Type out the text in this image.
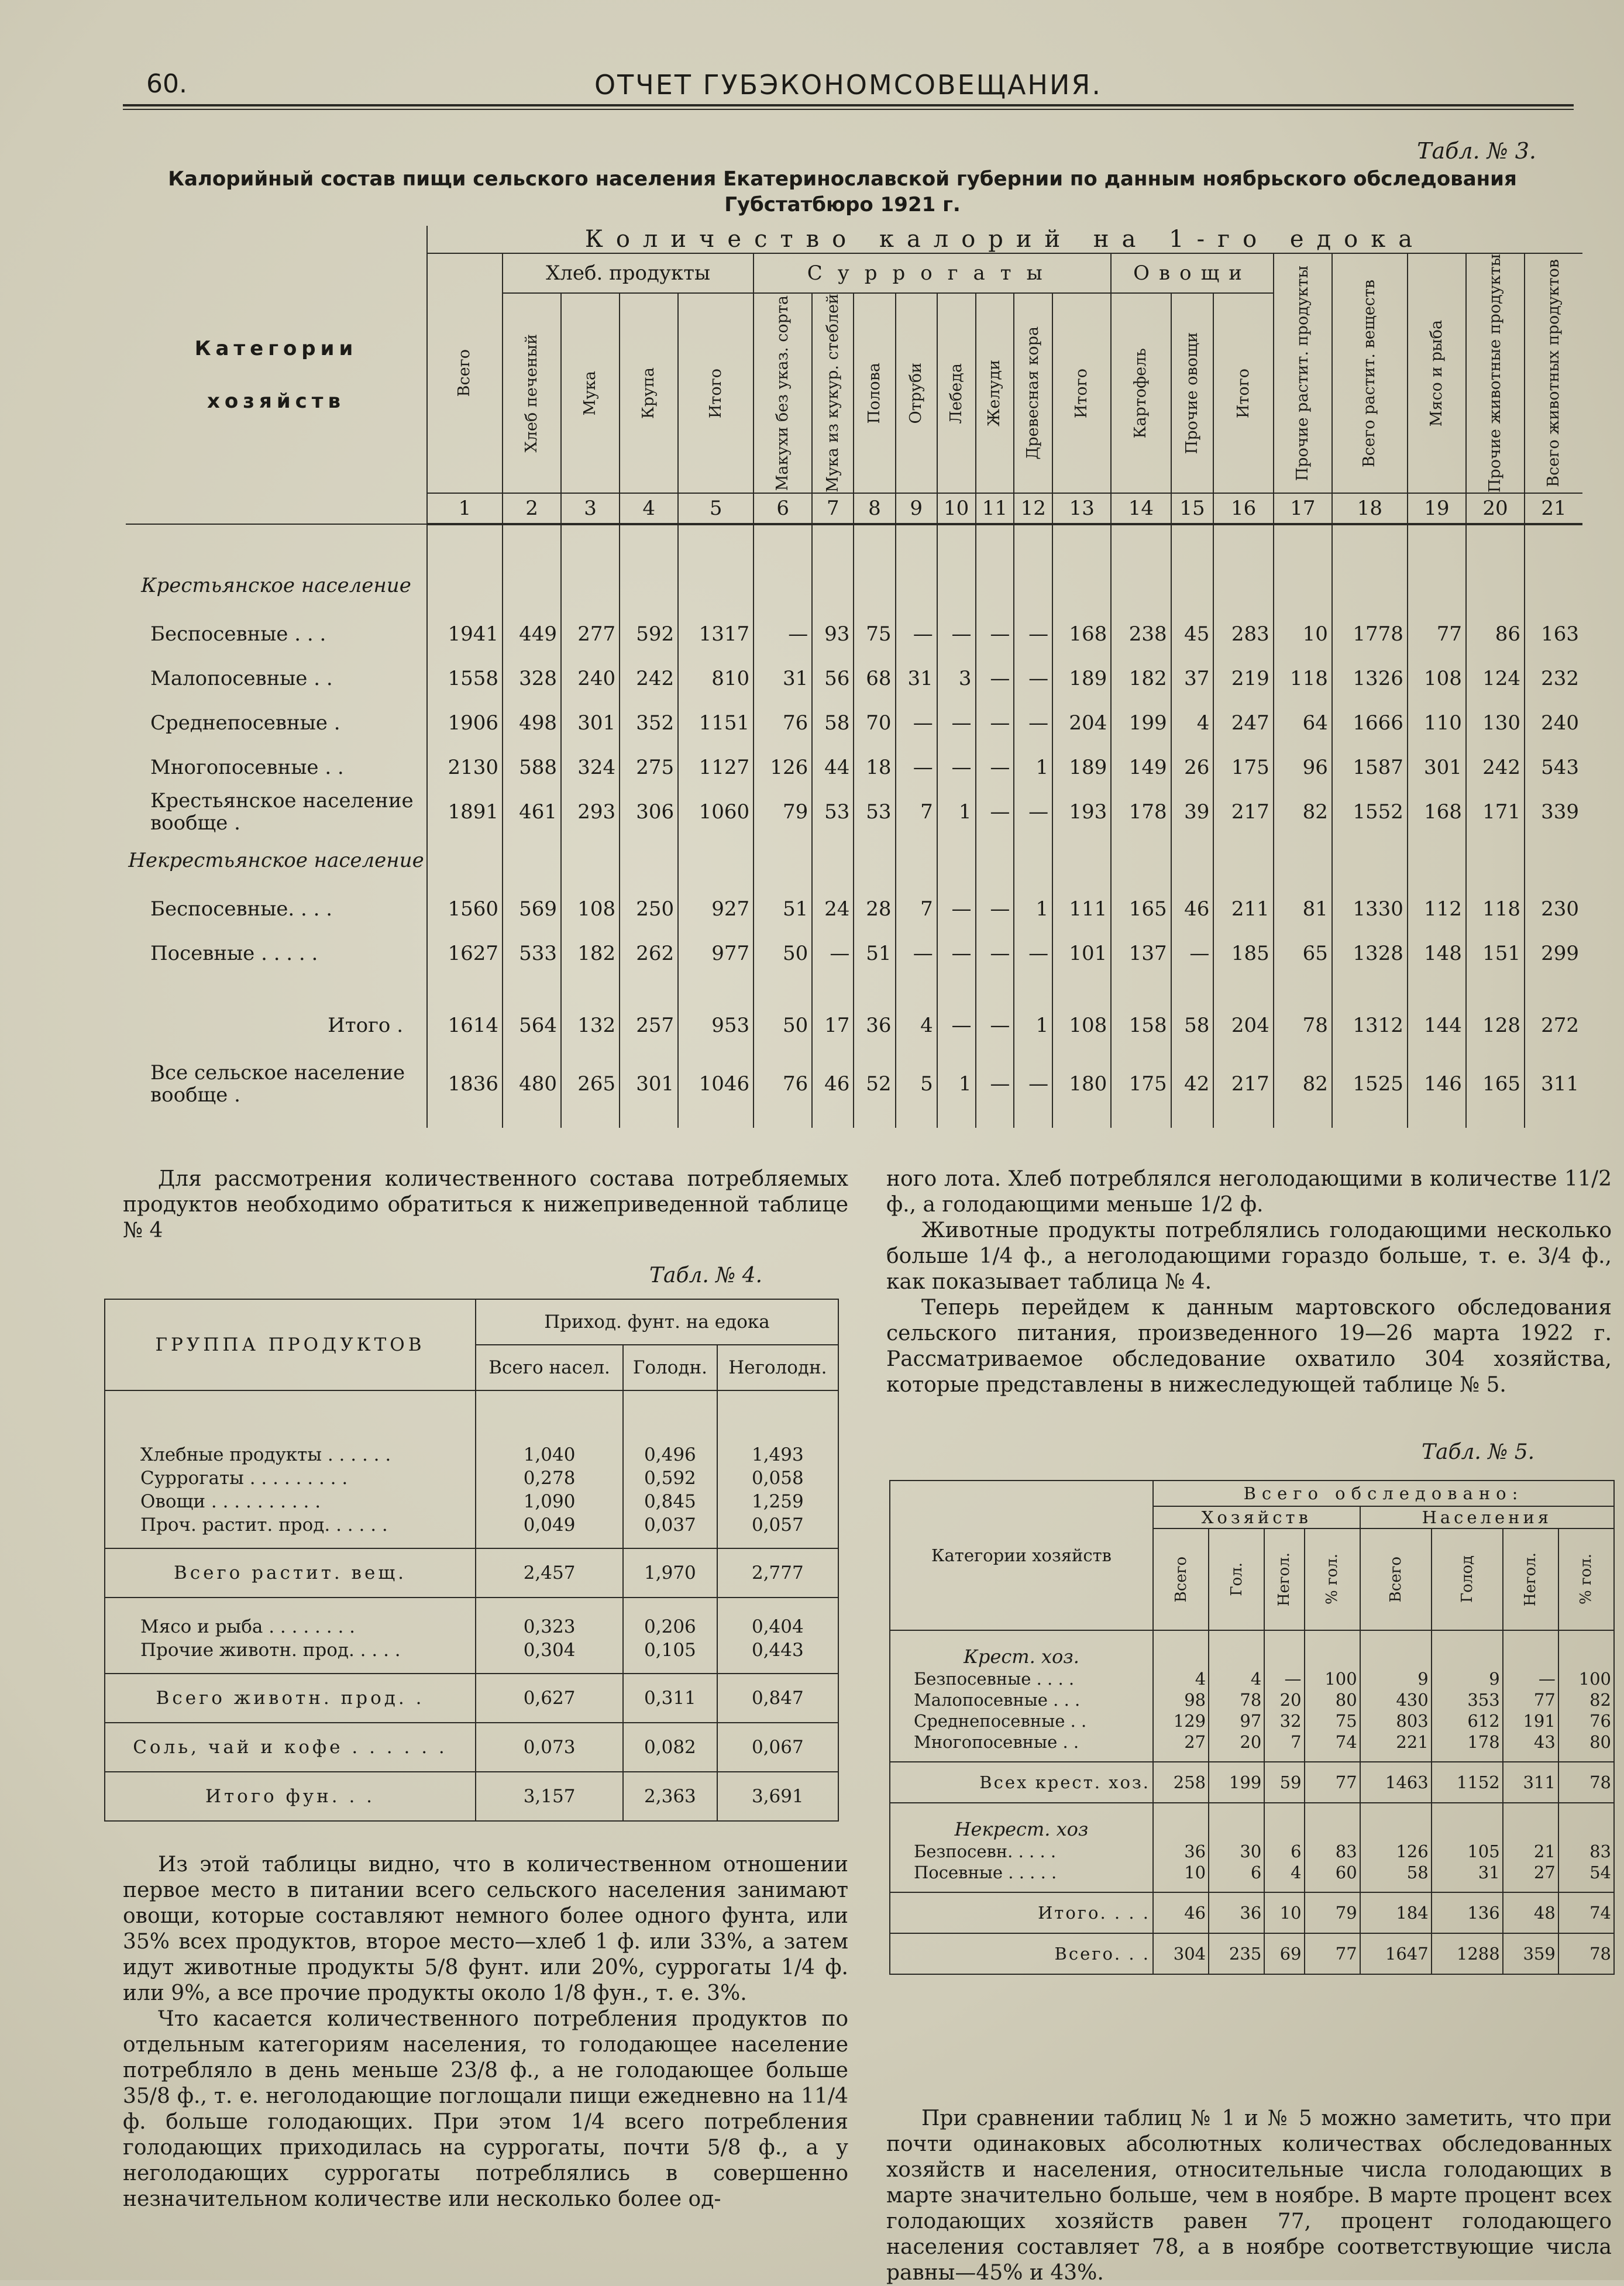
60.	ОТЧЕТ ГУБЭКОНОМСОВЕЩАНИЯ.
Табл. № 3.
Калорийный состав пищи сельского населения Екатеринославской губернии по данным ноябрьского обследования Губстатбюро 1921 г.
Категории хозяйств	Количество калорий на 1-го едока																				

	Всего	Хлеб. продукты				Суррогаты								Овощи			Прочие растит. продукты	Всего растит. веществ	Мясо и рыба	Прочие животные продукты	Всего животных продуктов

		Хлеб печеный	Мука	Крупа	Итого	Макухи без указ. сорта	Мука из кукур. стеблей	Полова	Отруби	Лебеда	Желуди	Древесная кора	Итого	Картофель	Прочие овощи	Итого					

	1	2	3	4	5	6	7	8	9	10	11	12	13	14	15	16	17	18	19	20	21

Крестьянское население																					
Беспосевные . . .	1941	449	277	592	1317	—	93	75	—	—	—	—	168	238	45	283	10	1778	77	86	163
Малопосевные . .	1558	328	240	242	810	31	56	68	31	3	—	—	189	182	37	219	118	1326	108	124	232
Среднепосевные .	1906	498	301	352	1151	76	58	70	—	—	—	—	204	199	4	247	64	1666	110	130	240
Многопосевные . .	2130	588	324	275	1127	126	44	18	—	—	—	1	189	149	26	175	96	1587	301	242	543
Крестьянское население вообще .	1891	461	293	306	1060	79	53	53	7	1	—	—	193	178	39	217	82	1552	168	171	339
Некрестьянское население																					
Беспосевные. . . .	1560	569	108	250	927	51	24	28	7	—	—	1	111	165	46	211	81	1330	112	118	230
Посевные . . . . .	1627	533	182	262	977	50	—	51	—	—	—	—	101	137	—	185	65	1328	148	151	299

Итого .	1614	564	132	257	953	50	17	36	4	—	—	1	108	158	58	204	78	1312	144	128	272
Все сельское население вообще .	1836	480	265	301	1046	76	46	52	5	1	—	—	180	175	42	217	82	1525	146	165	311

Для рассмотрения количественного состава потребляемых продуктов необходимо обратиться к нижеприведенной таблице № 4

Табл. № 4.
ГРУППА ПРОДУКТОВ	Приход. фунт. на едока		
	Всего насел.	Голодн.	Неголодн.

Хлебные продукты . . . . . .	1,040	0,496	1,493
Суррогаты . . . . . . . . .	0,278	0,592	0,058
Овощи . . . . . . . . . .	1,090	0,845	1,259
Проч. растит. прод. . . . . .	0,049	0,037	0,057

Всего растит. вещ.	2,457	1,970	2,777

Мясо и рыба . . . . . . . .	0,323	0,206	0,404
Прочие животн. прод. . . . .	0,304	0,105	0,443

Всего животн. прод. .	0,627	0,311	0,847
Соль, чай и кофе . . . . . .	0,073	0,082	0,067
Итого фун. . .	3,157	2,363	3,691

Из этой таблицы видно, что в количественном отношении первое место в питании всего сельского населения занимают овощи, которые составляют немного более одного фунта, или 35% всех продуктов, второе место—хлеб 1 ф. или 33%, а затем идут животные продукты 5/8 фунт. или 20%, суррогаты 1/4 ф. или 9%, а все прочие продукты около 1/8 фун., т. е. 3%.

Что касается количественного потребления продуктов по отдельным категориям населения, то голодающее население потребляло в день меньше 23/8 ф., а не голодающее больше 35/8 ф., т. е. неголодающие поглощали пищи ежедневно на 11/4 ф. больше голодающих. При этом 1/4 всего потребления голодающих приходилась на суррогаты, почти 5/8 ф., а у неголодающих суррогаты потреблялись в совершенно незначительном количестве или несколько более од-

ного лота. Хлеб потреблялся неголодающими в количестве 11/2 ф., а голодающими меньше 1/2 ф.

Животные продукты потреблялись голодающими несколько больше 1/4 ф., а неголодающими гораздо больше, т. е. 3/4 ф., как показывает таблица № 4.

Теперь перейдем к данным мартовского обследования сельского питания, произведенного 19—26 марта 1922 г. Рассматриваемое обследование охватило 304 хозяйства, которые представлены в нижеследующей таблице № 5.

Табл. № 5.
Категории хозяйств	Всего обследовано:							
	Хозяйств				Населения			

	Всего	Гол.	Негол.	% гол.	Всего	Голод	Негол.	% гол.

Крест. хоз.								
Безпосевные . . . .	4	4	—	100	9	9	—	100
Малопосевные . . .	98	78	20	80	430	353	77	82
Среднепосевные . .	129	97	32	75	803	612	191	76
Многопосевные . .	27	20	7	74	221	178	43	80

Всех крест. хоз.	258	199	59	77	1463	1152	311	78
Некрест. хоз								
Безпосевн. . . . .	36	30	6	83	126	105	21	83
Посевные . . . . .	10	6	4	60	58	31	27	54

Итого. . . .	46	36	10	79	184	136	48	74
Всего. . .	304	235	69	77	1647	1288	359	78

При сравнении таблиц № 1 и № 5 можно заметить, что при почти одинаковых абсолютных количествах обследованных хозяйств и населения, относительные числа голодающих в марте значительно больше, чем в ноябре. В марте процент всех голодающих хозяйств равен 77, процент голодающего населения составляет 78, а в ноябре соответствующие числа равны—45% и 43%.
